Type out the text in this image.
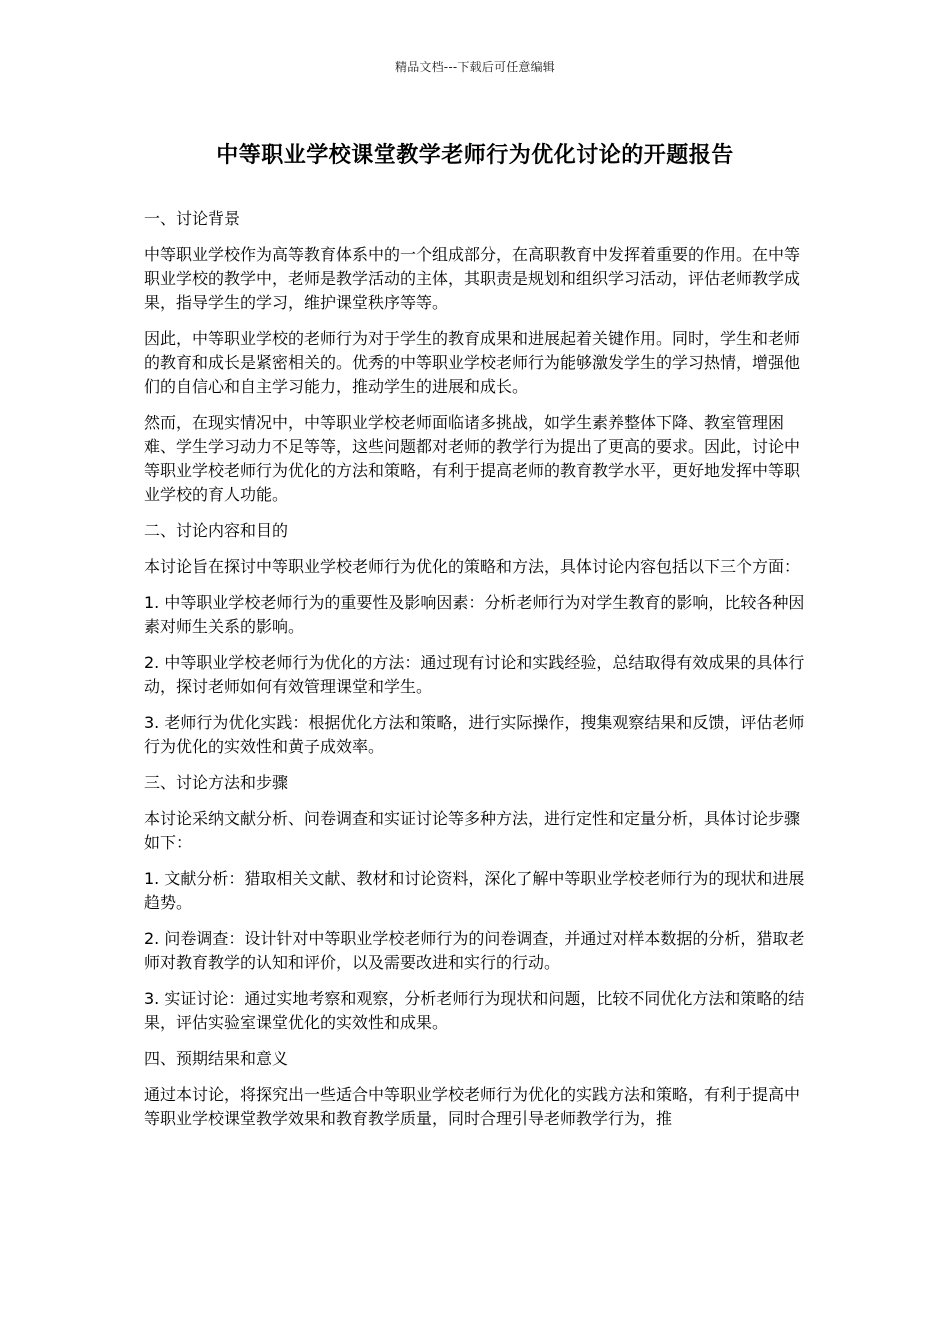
精品文档---下载后可任意编辑
中等职业学校课堂教学老师行为优化讨论的开题报告

一、讨论背景

中等职业学校作为高等教育体系中的一个组成部分，在高职教育中发挥着重要的作用。在中等职业学校的教学中，老师是教学活动的主体，其职责是规划和组织学习活动，评估老师教学成果，指导学生的学习，维护课堂秩序等等。

因此，中等职业学校的老师行为对于学生的教育成果和进展起着关键作用。同时，学生和老师的教育和成长是紧密相关的。优秀的中等职业学校老师行为能够激发学生的学习热情，增强他们的自信心和自主学习能力，推动学生的进展和成长。

然而，在现实情况中，中等职业学校老师面临诸多挑战，如学生素养整体下降、教室管理困难、学生学习动力不足等等，这些问题都对老师的教学行为提出了更高的要求。因此，讨论中等职业学校老师行为优化的方法和策略，有利于提高老师的教育教学水平，更好地发挥中等职业学校的育人功能。

二、讨论内容和目的

本讨论旨在探讨中等职业学校老师行为优化的策略和方法，具体讨论内容包括以下三个方面：

1. 中等职业学校老师行为的重要性及影响因素：分析老师行为对学生教育的影响，比较各种因素对师生关系的影响。

2. 中等职业学校老师行为优化的方法：通过现有讨论和实践经验，总结取得有效成果的具体行动，探讨老师如何有效管理课堂和学生。

3. 老师行为优化实践：根据优化方法和策略，进行实际操作，搜集观察结果和反馈，评估老师行为优化的实效性和黄子成效率。

三、讨论方法和步骤

本讨论采纳文献分析、问卷调查和实证讨论等多种方法，进行定性和定量分析，具体讨论步骤如下：

1. 文献分析：猎取相关文献、教材和讨论资料，深化了解中等职业学校老师行为的现状和进展趋势。

2. 问卷调查：设计针对中等职业学校老师行为的问卷调查，并通过对样本数据的分析，猎取老师对教育教学的认知和评价，以及需要改进和实行的行动。

3. 实证讨论：通过实地考察和观察，分析老师行为现状和问题，比较不同优化方法和策略的结果，评估实验室课堂优化的实效性和成果。

四、预期结果和意义

通过本讨论，将探究出一些适合中等职业学校老师行为优化的实践方法和策略，有利于提高中等职业学校课堂教学效果和教育教学质量，同时合理引导老师教学行为，推
